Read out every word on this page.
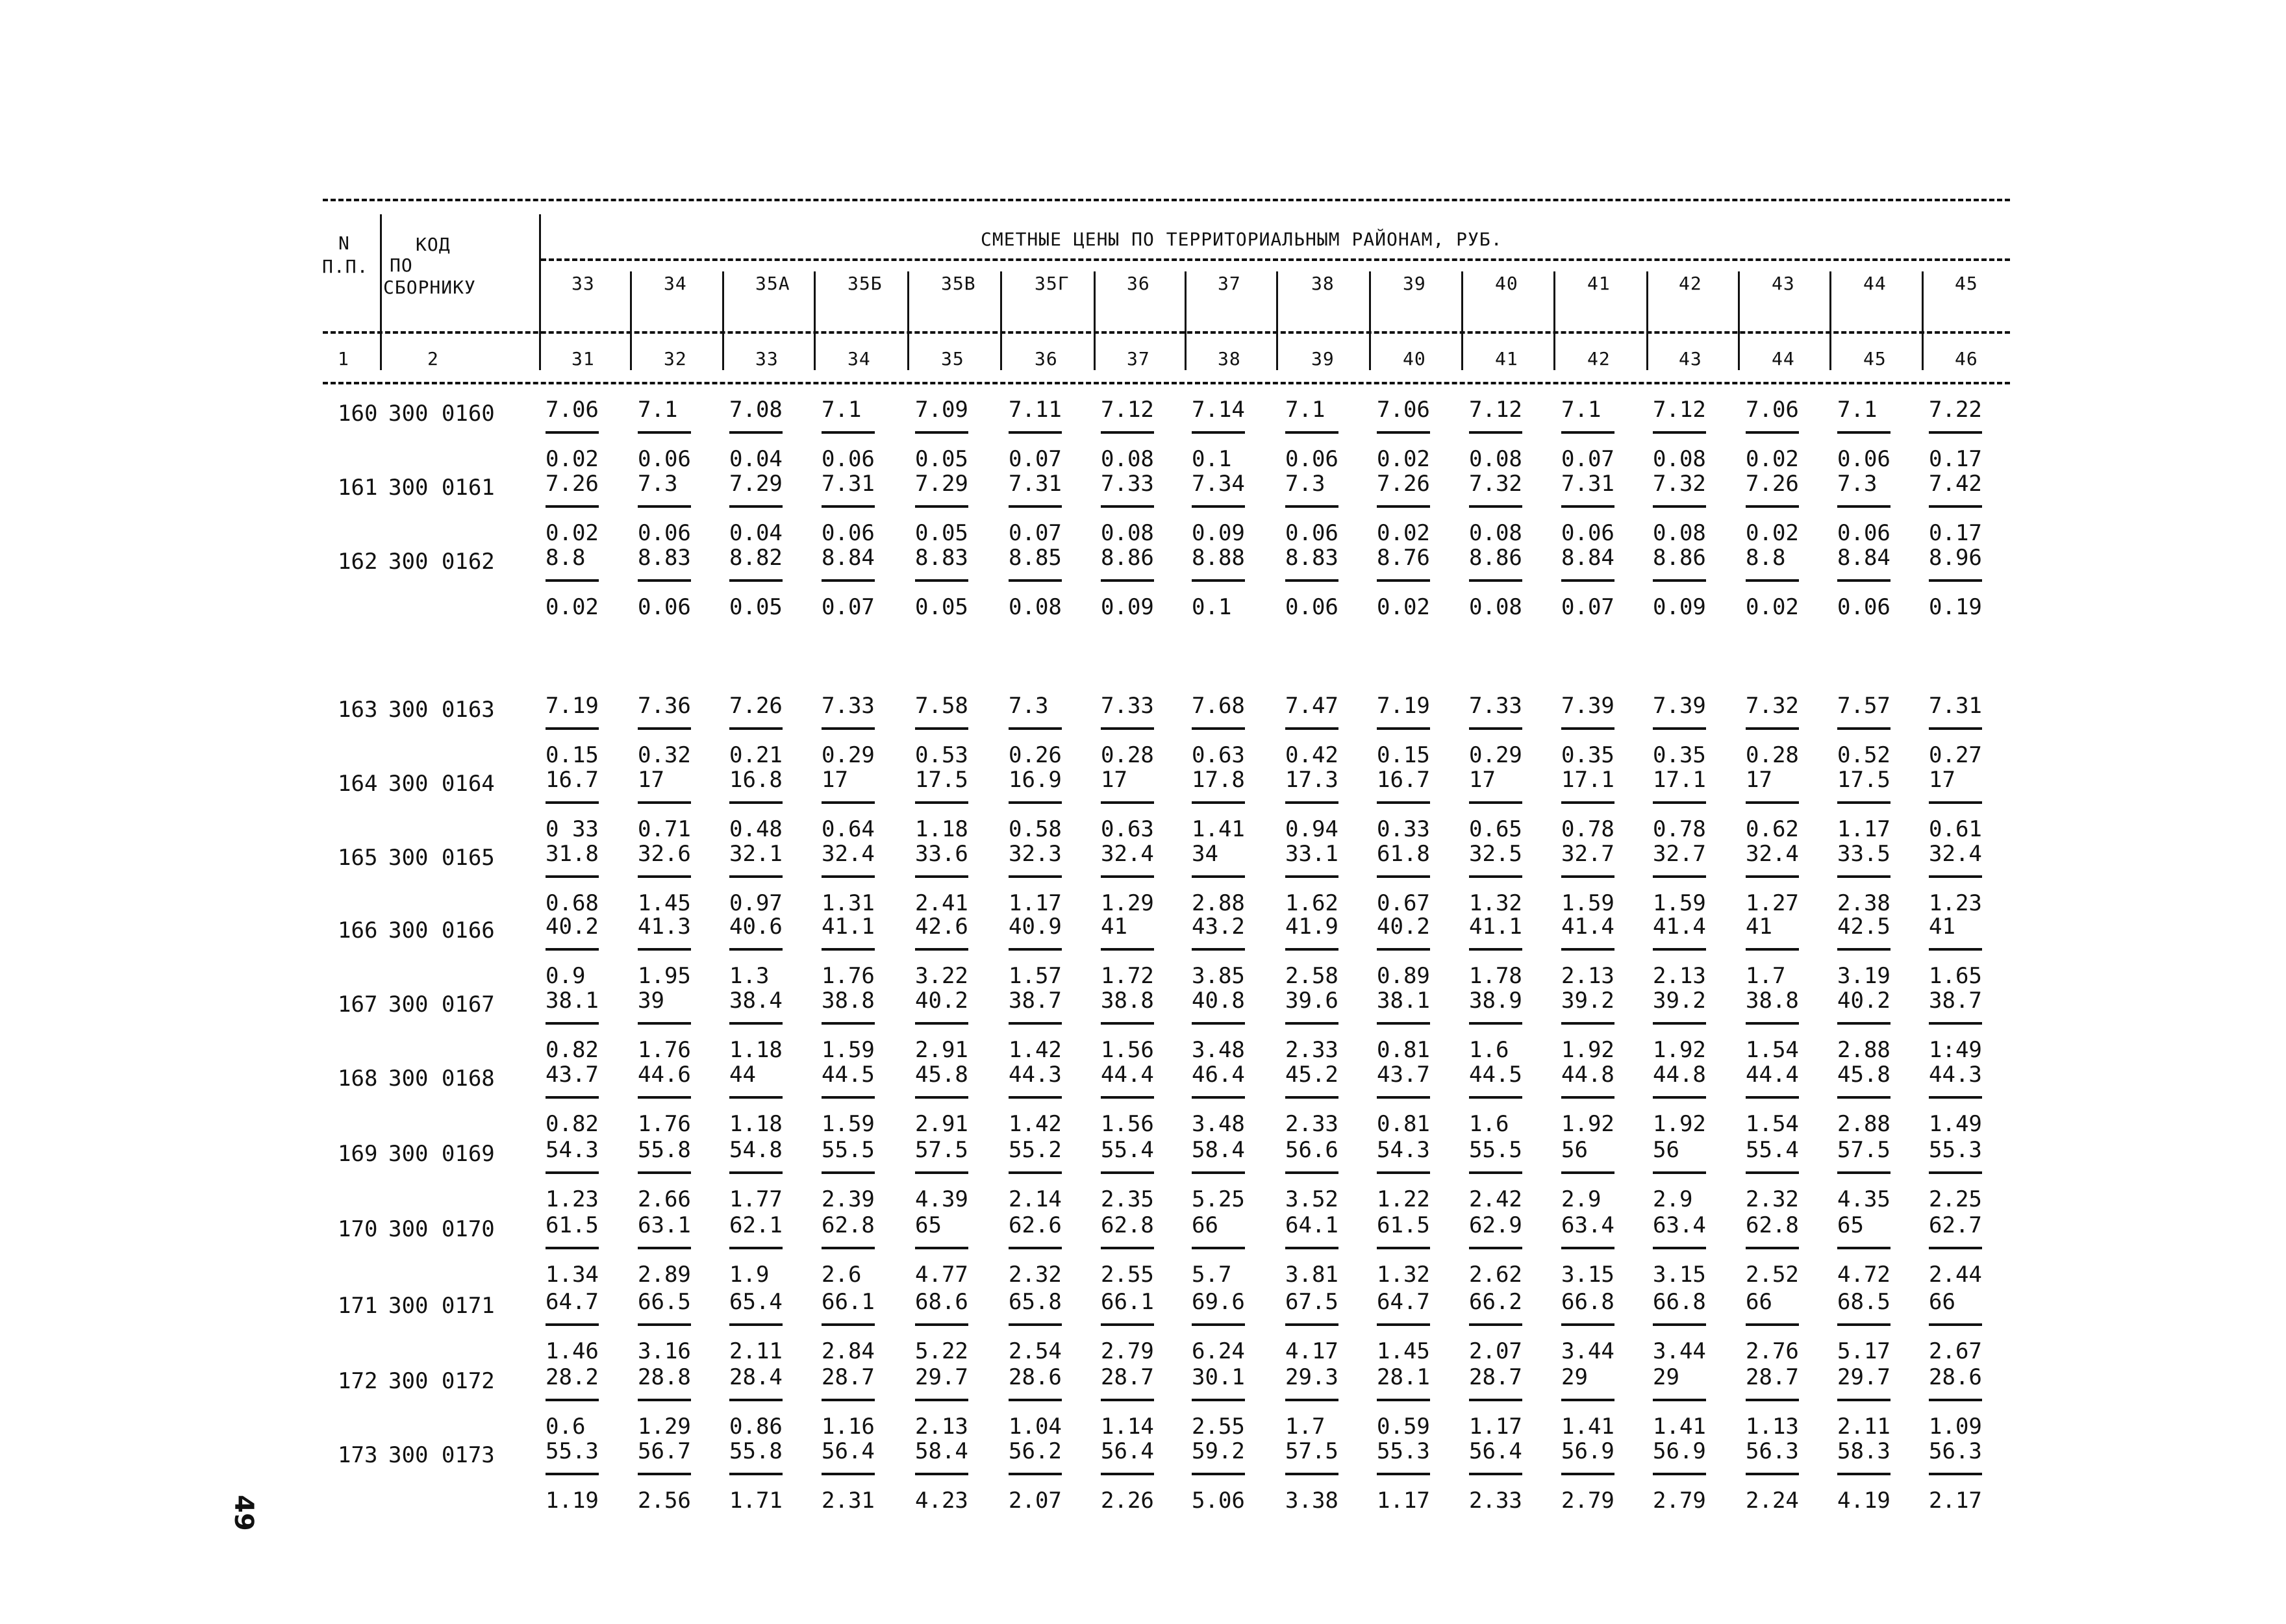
N
П.П.
КОД
ПО
СБОРНИКУ
СМЕТНЫЕ ЦЕНЫ ПО ТЕРРИТОРИАЛЬНЫМ РАЙОНАМ, РУБ.
1	2
33
31
34
32
35А
33
35Б
34
35В
35
35Г
36
36
37
37
38
38
39
39
40
40
41
41
42
42
43
43
44
44
45
45
46
160 300 0160 7.06
0.02
7.1
0.06
7.08
0.04
7.1
0.06
7.09
0.05
7.11
0.07
7.12
0.08
7.14
0.1
7.1
0.06
7.06
0.02
7.12
0.08
7.1
0.07
7.12
0.08
7.06
0.02
7.1
0.06
7.22
0.17
161 300 0161 7.26
0.02
7.3
0.06
7.29
0.04
7.31
0.06
7.29
0.05
7.31
0.07
7.33
0.08
7.34
0.09
7.3
0.06
7.26
0.02
7.32
0.08
7.31
0.06
7.32
0.08
7.26
0.02
7.3
0.06
7.42
0.17
162 300 0162 8.8
0.02
8.83
0.06
8.82
0.05
8.84
0.07
8.83
0.05
8.85
0.08
8.86
0.09
8.88
0.1
8.83
0.06
8.76
0.02
8.86
0.08
8.84
0.07
8.86
0.09
8.8
0.02
8.84
0.06
8.96
0.19
163 300 0163 7.19
0.15
7.36
0.32
7.26
0.21
7.33
0.29
7.58
0.53
7.3
0.26
7.33
0.28
7.68
0.63
7.47
0.42
7.19
0.15
7.33
0.29
7.39
0.35
7.39
0.35
7.32
0.28
7.57
0.52
7.31
0.27
164 300 0164 16.7
0 33
17
0.71
16.8
0.48
17
0.64
17.5
1.18
16.9
0.58
17
0.63
17.8
1.41
17.3
0.94
16.7
0.33
17
0.65
17.1
0.78
17.1
0.78
17
0.62
17.5
1.17
17
0.61
165 300 0165 31.8
0.68
32.6
1.45
32.1
0.97
32.4
1.31
33.6
2.41
32.3
1.17
32.4
1.29
34
2.88
33.1
1.62
61.8
0.67
32.5
1.32
32.7
1.59
32.7
1.59
32.4
1.27
33.5
2.38
32.4
1.23
166 300 0166 40.2
0.9
41.3
1.95
40.6
1.3
41.1
1.76
42.6
3.22
40.9
1.57
41
1.72
43.2
3.85
41.9
2.58
40.2
0.89
41.1
1.78
41.4
2.13
41.4
2.13
41
1.7
42.5
3.19
41
1.65
167 300 0167 38.1
0.82
39
1.76
38.4
1.18
38.8
1.59
40.2
2.91
38.7
1.42
38.8
1.56
40.8
3.48
39.6
2.33
38.1
0.81
38.9
1.6
39.2
1.92
39.2
1.92
38.8
1.54
40.2
2.88
38.7
1:49
168 300 0168 43.7
0.82
44.6
1.76
44
1.18
44.5
1.59
45.8
2.91
44.3
1.42
44.4
1.56
46.4
3.48
45.2
2.33
43.7
0.81
44.5
1.6
44.8
1.92
44.8
1.92
44.4
1.54
45.8
2.88
44.3
1.49
169 300 0169 54.3
1.23
55.8
2.66
54.8
1.77
55.5
2.39
57.5
4.39
55.2
2.14
55.4
2.35
58.4
5.25
56.6
3.52
54.3
1.22
55.5
2.42
56
2.9
56
2.9
55.4
2.32
57.5
4.35
55.3
2.25
170 300 0170 61.5
1.34
63.1
2.89
62.1
1.9
62.8
2.6
65
4.77
62.6
2.32
62.8
2.55
66
5.7
64.1
3.81
61.5
1.32
62.9
2.62
63.4
3.15
63.4
3.15
62.8
2.52
65
4.72
62.7
2.44
171 300 0171 64.7
1.46
66.5
3.16
65.4
2.11
66.1
2.84
68.6
5.22
65.8
2.54
66.1
2.79
69.6
6.24
67.5
4.17
64.7
1.45
66.2
2.07
66.8
3.44
66.8
3.44
66
2.76
68.5
5.17
66
2.67
172 300 0172 28.2
0.6
28.8
1.29
28.4
0.86
28.7
1.16
29.7
2.13
28.6
1.04
28.7
1.14
30.1
2.55
29.3
1.7
28.1
0.59
28.7
1.17
29
1.41
29
1.41
28.7
1.13
29.7
2.11
28.6
1.09
173 300 0173 55.3
1.19
56.7
2.56
55.8
1.71
56.4
2.31
58.4
4.23
56.2
2.07
56.4
2.26
59.2
5.06
57.5
3.38
55.3
1.17
56.4
2.33
56.9
2.79
56.9
2.79
56.3
2.24
58.3
4.19
56.3
2.17
49
